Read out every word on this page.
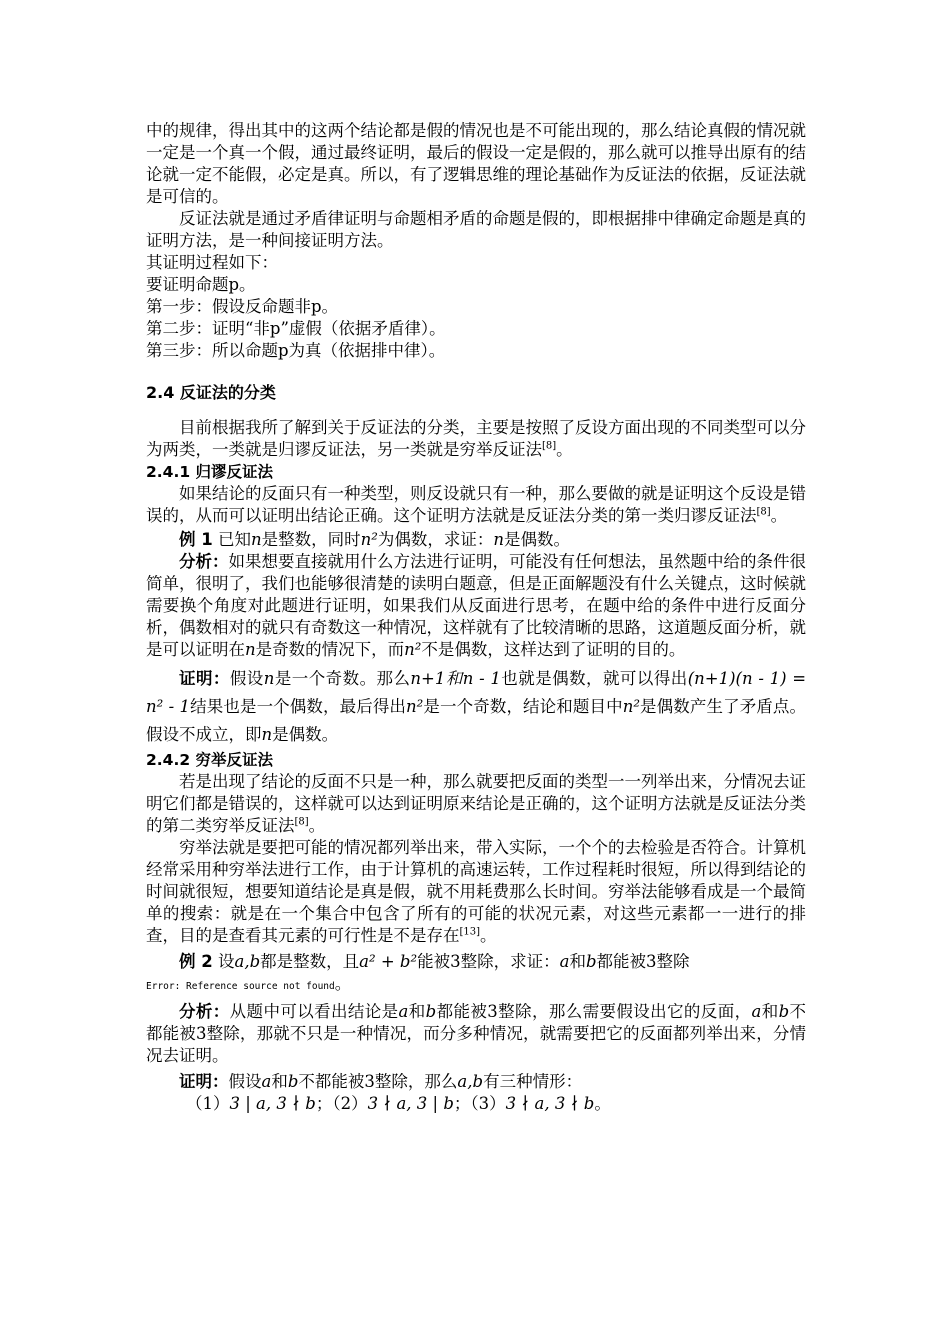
中的规律，得出其中的这两个结论都是假的情况也是不可能出现的，那么结论真假的情况就一定是一个真一个假，通过最终证明，最后的假设一定是假的，那么就可以推导出原有的结论就一定不能假，必定是真。所以，有了逻辑思维的理论基础作为反证法的依据，反证法就是可信的。

反证法就是通过矛盾律证明与命题相矛盾的命题是假的，即根据排中律确定命题是真的证明方法，是一种间接证明方法。

其证明过程如下：

要证明命题p。

第一步：假设反命题非p。

第二步：证明“非p”虚假（依据矛盾律）。

第三步：所以命题p为真（依据排中律）。

2.4 反证法的分类

目前根据我所了解到关于反证法的分类，主要是按照了反设方面出现的不同类型可以分为两类，一类就是归谬反证法，另一类就是穷举反证法[8]。

2.4.1 归谬反证法

如果结论的反面只有一种类型，则反设就只有一种，那么要做的就是证明这个反设是错误的，从而可以证明出结论正确。这个证明方法就是反证法分类的第一类归谬反证法[8]。

例 1 已知n是整数，同时n²为偶数，求证：n是偶数。

分析：如果想要直接就用什么方法进行证明，可能没有任何想法，虽然题中给的条件很简单，很明了，我们也能够很清楚的读明白题意，但是正面解题没有什么关键点，这时候就需要换个角度对此题进行证明，如果我们从反面进行思考，在题中给的条件中进行反面分析，偶数相对的就只有奇数这一种情况，这样就有了比较清晰的思路，这道题反面分析，就是可以证明在n是奇数的情况下，而n²不是偶数，这样达到了证明的目的。

证明：假设n是一个奇数。那么n+1和n - 1也就是偶数，就可以得出(n+1)(n - 1) = n² - 1结果也是一个偶数，最后得出n²是一个奇数，结论和题目中n²是偶数产生了矛盾点。假设不成立，即n是偶数。

2.4.2 穷举反证法

若是出现了结论的反面不只是一种，那么就要把反面的类型一一列举出来，分情况去证明它们都是错误的，这样就可以达到证明原来结论是正确的，这个证明方法就是反证法分类的第二类穷举反证法[8]。

穷举法就是要把可能的情况都列举出来，带入实际，一个个的去检验是否符合。计算机经常采用种穷举法进行工作，由于计算机的高速运转，工作过程耗时很短，所以得到结论的时间就很短，想要知道结论是真是假，就不用耗费那么长时间。穷举法能够看成是一个最简单的搜索：就是在一个集合中包含了所有的可能的状况元素，对这些元素都一一进行的排查，目的是查看其元素的可行性是不是存在[13]。

例 2 设a,b都是整数，且a² + b²能被3整除，求证：a和b都能被3整除

Error: Reference source not found。

分析：从题中可以看出结论是a和b都能被3整除，那么需要假设出它的反面，a和b不都能被3整除，那就不只是一种情况，而分多种情况，就需要把它的反面都列举出来，分情况去证明。

证明：假设a和b不都能被3整除，那么a,b有三种情形：

（1）3 | a, 3 ∤ b；（2）3 ∤ a, 3 | b；（3）3 ∤ a, 3 ∤ b。
